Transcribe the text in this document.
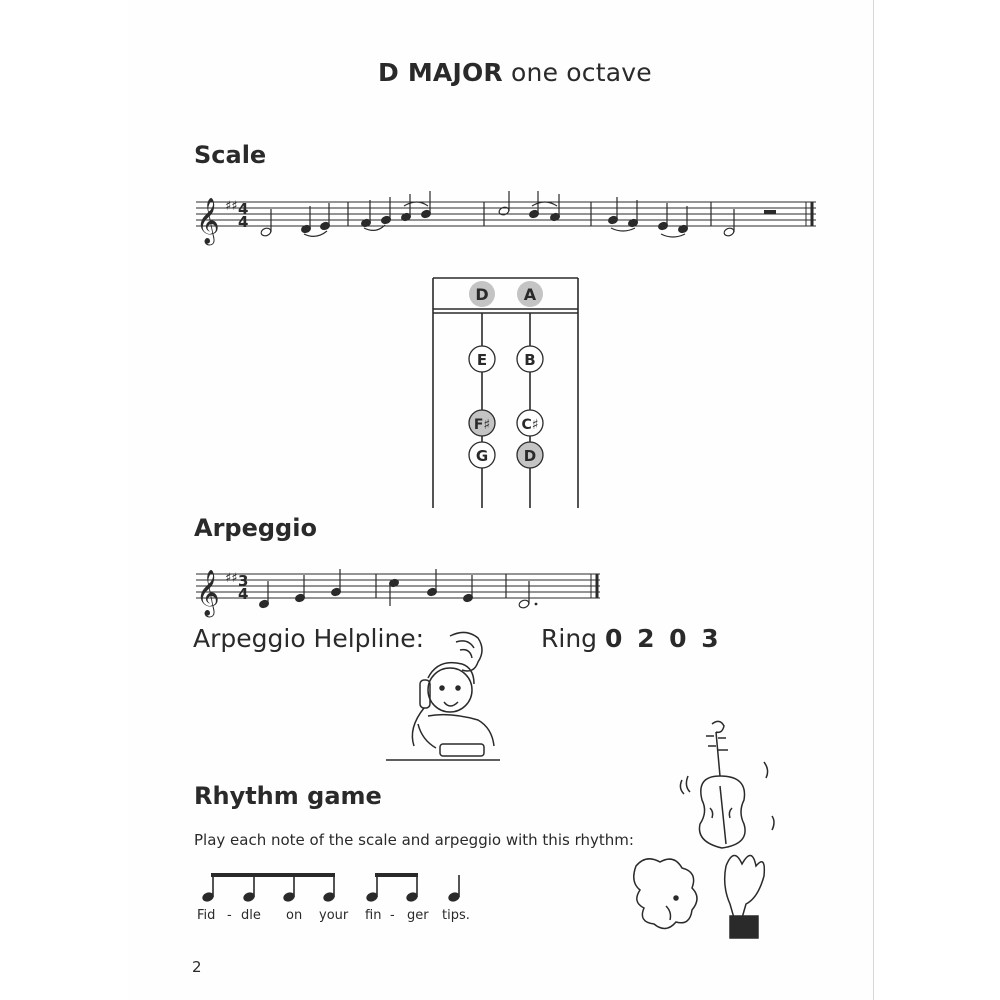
D MAJOR one octave
Scale
𝄞 ♯♯ 4
4
D A
E B
F♯ C♯
G D
Arpeggio
𝄞 ♯♯ 3
4
Arpeggio Helpline:	Ring 0 2 0 3
Rhythm game
Play each note of the scale and arpeggio with this rhythm:
Fid - dle on your fin - ger tips.
2
